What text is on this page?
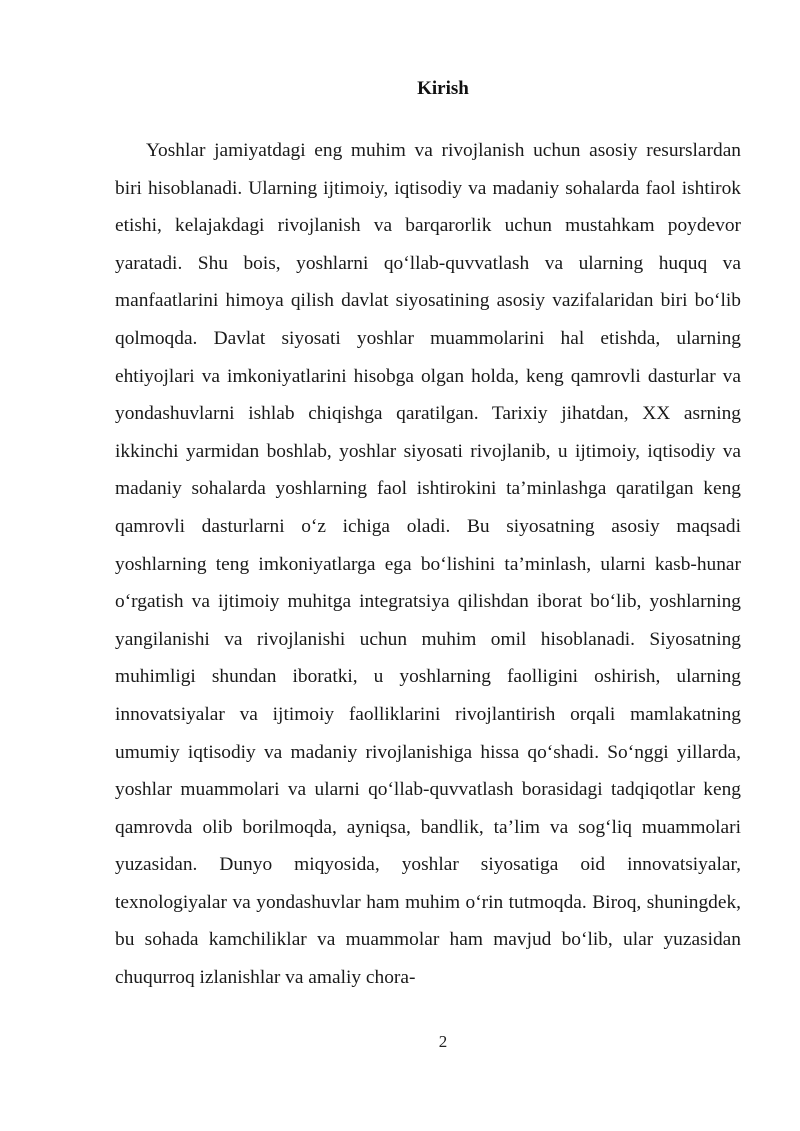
Kirish

Yoshlar jamiyatdagi eng muhim va rivojlanish uchun asosiy resurslardan biri hisoblanadi. Ularning ijtimoiy, iqtisodiy va madaniy sohalarda faol ishtirok etishi, kelajakdagi rivojlanish va barqarorlik uchun mustahkam poydevor yaratadi. Shu bois, yoshlarni qo‘llab-quvvatlash va ularning huquq va manfaatlarini himoya qilish davlat siyosatining asosiy vazifalaridan biri bo‘lib qolmoqda. Davlat siyosati yoshlar muammolarini hal etishda, ularning ehtiyojlari va imkoniyatlarini hisobga olgan holda, keng qamrovli dasturlar va yondashuvlarni ishlab chiqishga qaratilgan. Tarixiy jihatdan, XX asrning ikkinchi yarmidan boshlab, yoshlar siyosati rivojlanib, u ijtimoiy, iqtisodiy va madaniy sohalarda yoshlarning faol ishtirokini ta’minlashga qaratilgan keng qamrovli dasturlarni o‘z ichiga oladi. Bu siyosatning asosiy maqsadi yoshlarning teng imkoniyatlarga ega bo‘lishini ta’minlash, ularni kasb-hunar o‘rgatish va ijtimoiy muhitga integratsiya qilishdan iborat bo‘lib, yoshlarning yangilanishi va rivojlanishi uchun muhim omil hisoblanadi. Siyosatning muhimligi shundan iboratki, u yoshlarning faolligini oshirish, ularning innovatsiyalar va ijtimoiy faolliklarini rivojlantirish orqali mamlakatning umumiy iqtisodiy va madaniy rivojlanishiga hissa qo‘shadi. So‘nggi yillarda, yoshlar muammolari va ularni qo‘llab-quvvatlash borasidagi tadqiqotlar keng qamrovda olib borilmoqda, ayniqsa, bandlik, ta’lim va sog‘liq muammolari yuzasidan. Dunyo miqyosida, yoshlar siyosatiga oid innovatsiyalar, texnologiyalar va yondashuvlar ham muhim o‘rin tutmoqda. Biroq, shuningdek, bu sohada kamchiliklar va muammolar ham mavjud bo‘lib, ular yuzasidan chuqurroq izlanishlar va amaliy chora-

2
